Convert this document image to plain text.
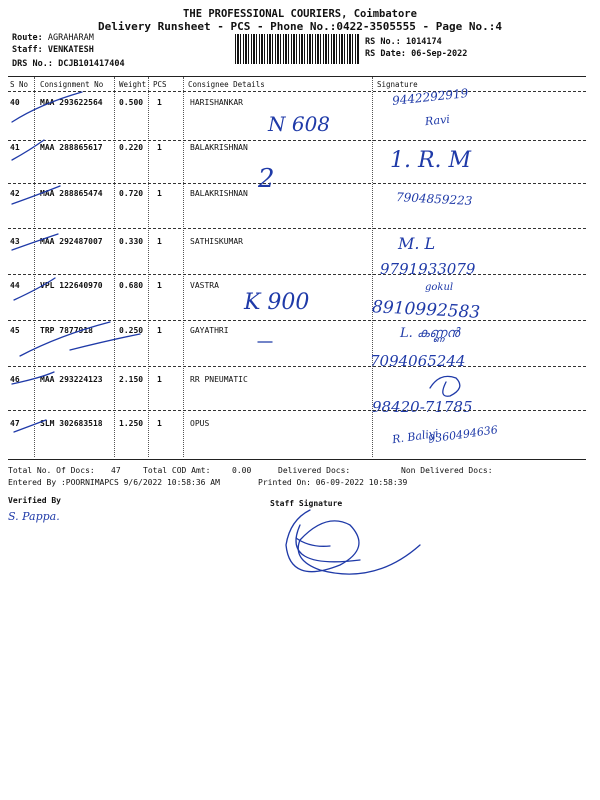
THE PROFESSIONAL COURIERS, Coimbatore
Delivery Runsheet - PCS - Phone No.:0422-3505555 - Page No.:4
Route: AGRAHARAM
Staff: VENKATESH
DRS No.: DCJB101417404
RS No.: 1014174
RS Date: 06-Sep-2022
S No Consignment No Weight PCS	Consignee Details	Signature
40	MAA 293622564 0.500 1	HARISHANKAR
N 608
9442292919
Ravi
41	MAA 288865617 0.220 1	BALAKRISHNAN
1. R. M
42	MAA 288865474 0.720 1	BALAKRISHNAN 2
7904859223
43	MAA 292487007 0.330 1	SATHISKUMAR	M. L
9791933079
44	VPL 122640970 0.680 1	VASTRA
K 900
gokul
8910992583
45	TRP 7877918	0.250 1	GAYATHRI	L. കണ്ണൻ
7094065244
46	MAA 293224123 2.150 1	RR PNEUMATIC
98420-71785
47	SLM 302683518 1.250 1	OPUS
R. Baliyi
9360494636
Total No. Of Docs: 47	Total COD Amt:	0.00	Delivered Docs:	Non Delivered Docs:
Entered By :POORNIMAPCS 9/6/2022 10:58:36 AM	Printed On: 06-09-2022 10:58:39
Verified By
S. Pappa.
Staff Signature
